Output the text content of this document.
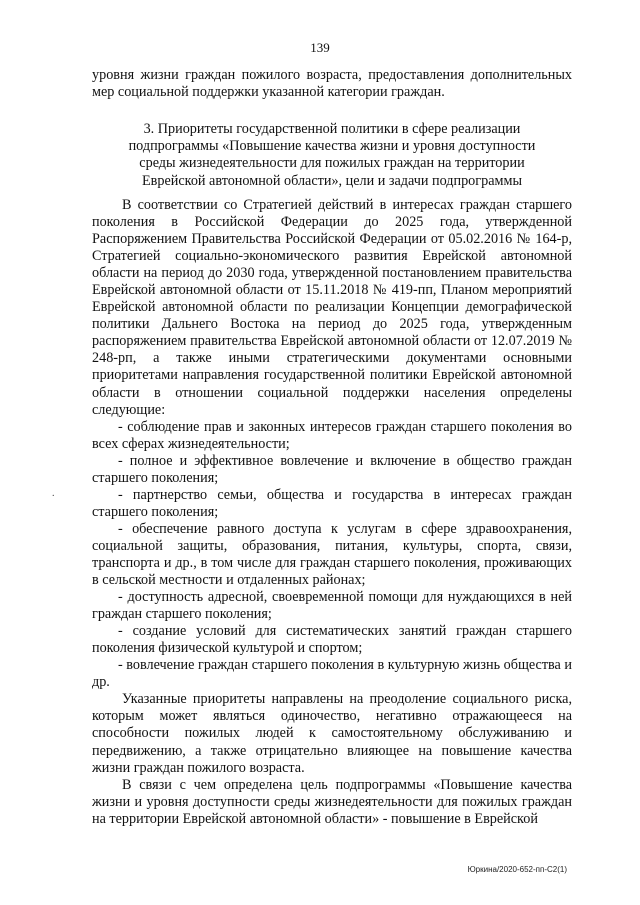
139

уровня жизни граждан пожилого возраста, предоставления дополнительных мер социальной поддержки указанной категории граждан.

3. Приоритеты государственной политики в сфере реализации
подпрограммы «Повышение качества жизни и уровня доступности
среды жизнедеятельности для пожилых граждан на территории
Еврейской автономной области», цели и задачи подпрограммы

В соответствии со Стратегией действий в интересах граждан старшего поколения в Российской Федерации до 2025 года, утвержденной Распоряжением Правительства Российской Федерации от 05.02.2016 № 164-р, Стратегией социально-экономического развития Еврейской автономной области на период до 2030 года, утвержденной постановлением правительства Еврейской автономной области от 15.11.2018 № 419-пп, Планом мероприятий Еврейской автономной области по реализации Концепции демографической политики Дальнего Востока на период до 2025 года, утвержденным распоряжением правительства Еврейской автономной области от 12.07.2019 № 248-рп, а также иными стратегическими документами основными приоритетами направления государственной политики Еврейской автономной области в отношении социальной поддержки населения определены следующие:

- соблюдение прав и законных интересов граждан старшего поколения во всех сферах жизнедеятельности;

- полное и эффективное вовлечение и включение в общество граждан старшего поколения;

- партнерство семьи, общества и государства в интересах граждан старшего поколения;

- обеспечение равного доступа к услугам в сфере здравоохранения, социальной защиты, образования, питания, культуры, спорта, связи, транспорта и др., в том числе для граждан старшего поколения, проживающих в сельской местности и отдаленных районах;

- доступность адресной, своевременной помощи для нуждающихся в ней граждан старшего поколения;

- создание условий для систематических занятий граждан старшего поколения физической культурой и спортом;

- вовлечение граждан старшего поколения в культурную жизнь общества и др.

Указанные приоритеты направлены на преодоление социального риска, которым может являться одиночество, негативно отражающееся на способности пожилых людей к самостоятельному обслуживанию и передвижению, а также отрицательно влияющее на повышение качества жизни граждан пожилого возраста.

В связи с чем определена цель подпрограммы «Повышение качества жизни и уровня доступности среды жизнедеятельности для пожилых граждан на территории Еврейской автономной области» - повышение в Еврейской

.
Юркина/2020-652-пп-С2(1)
